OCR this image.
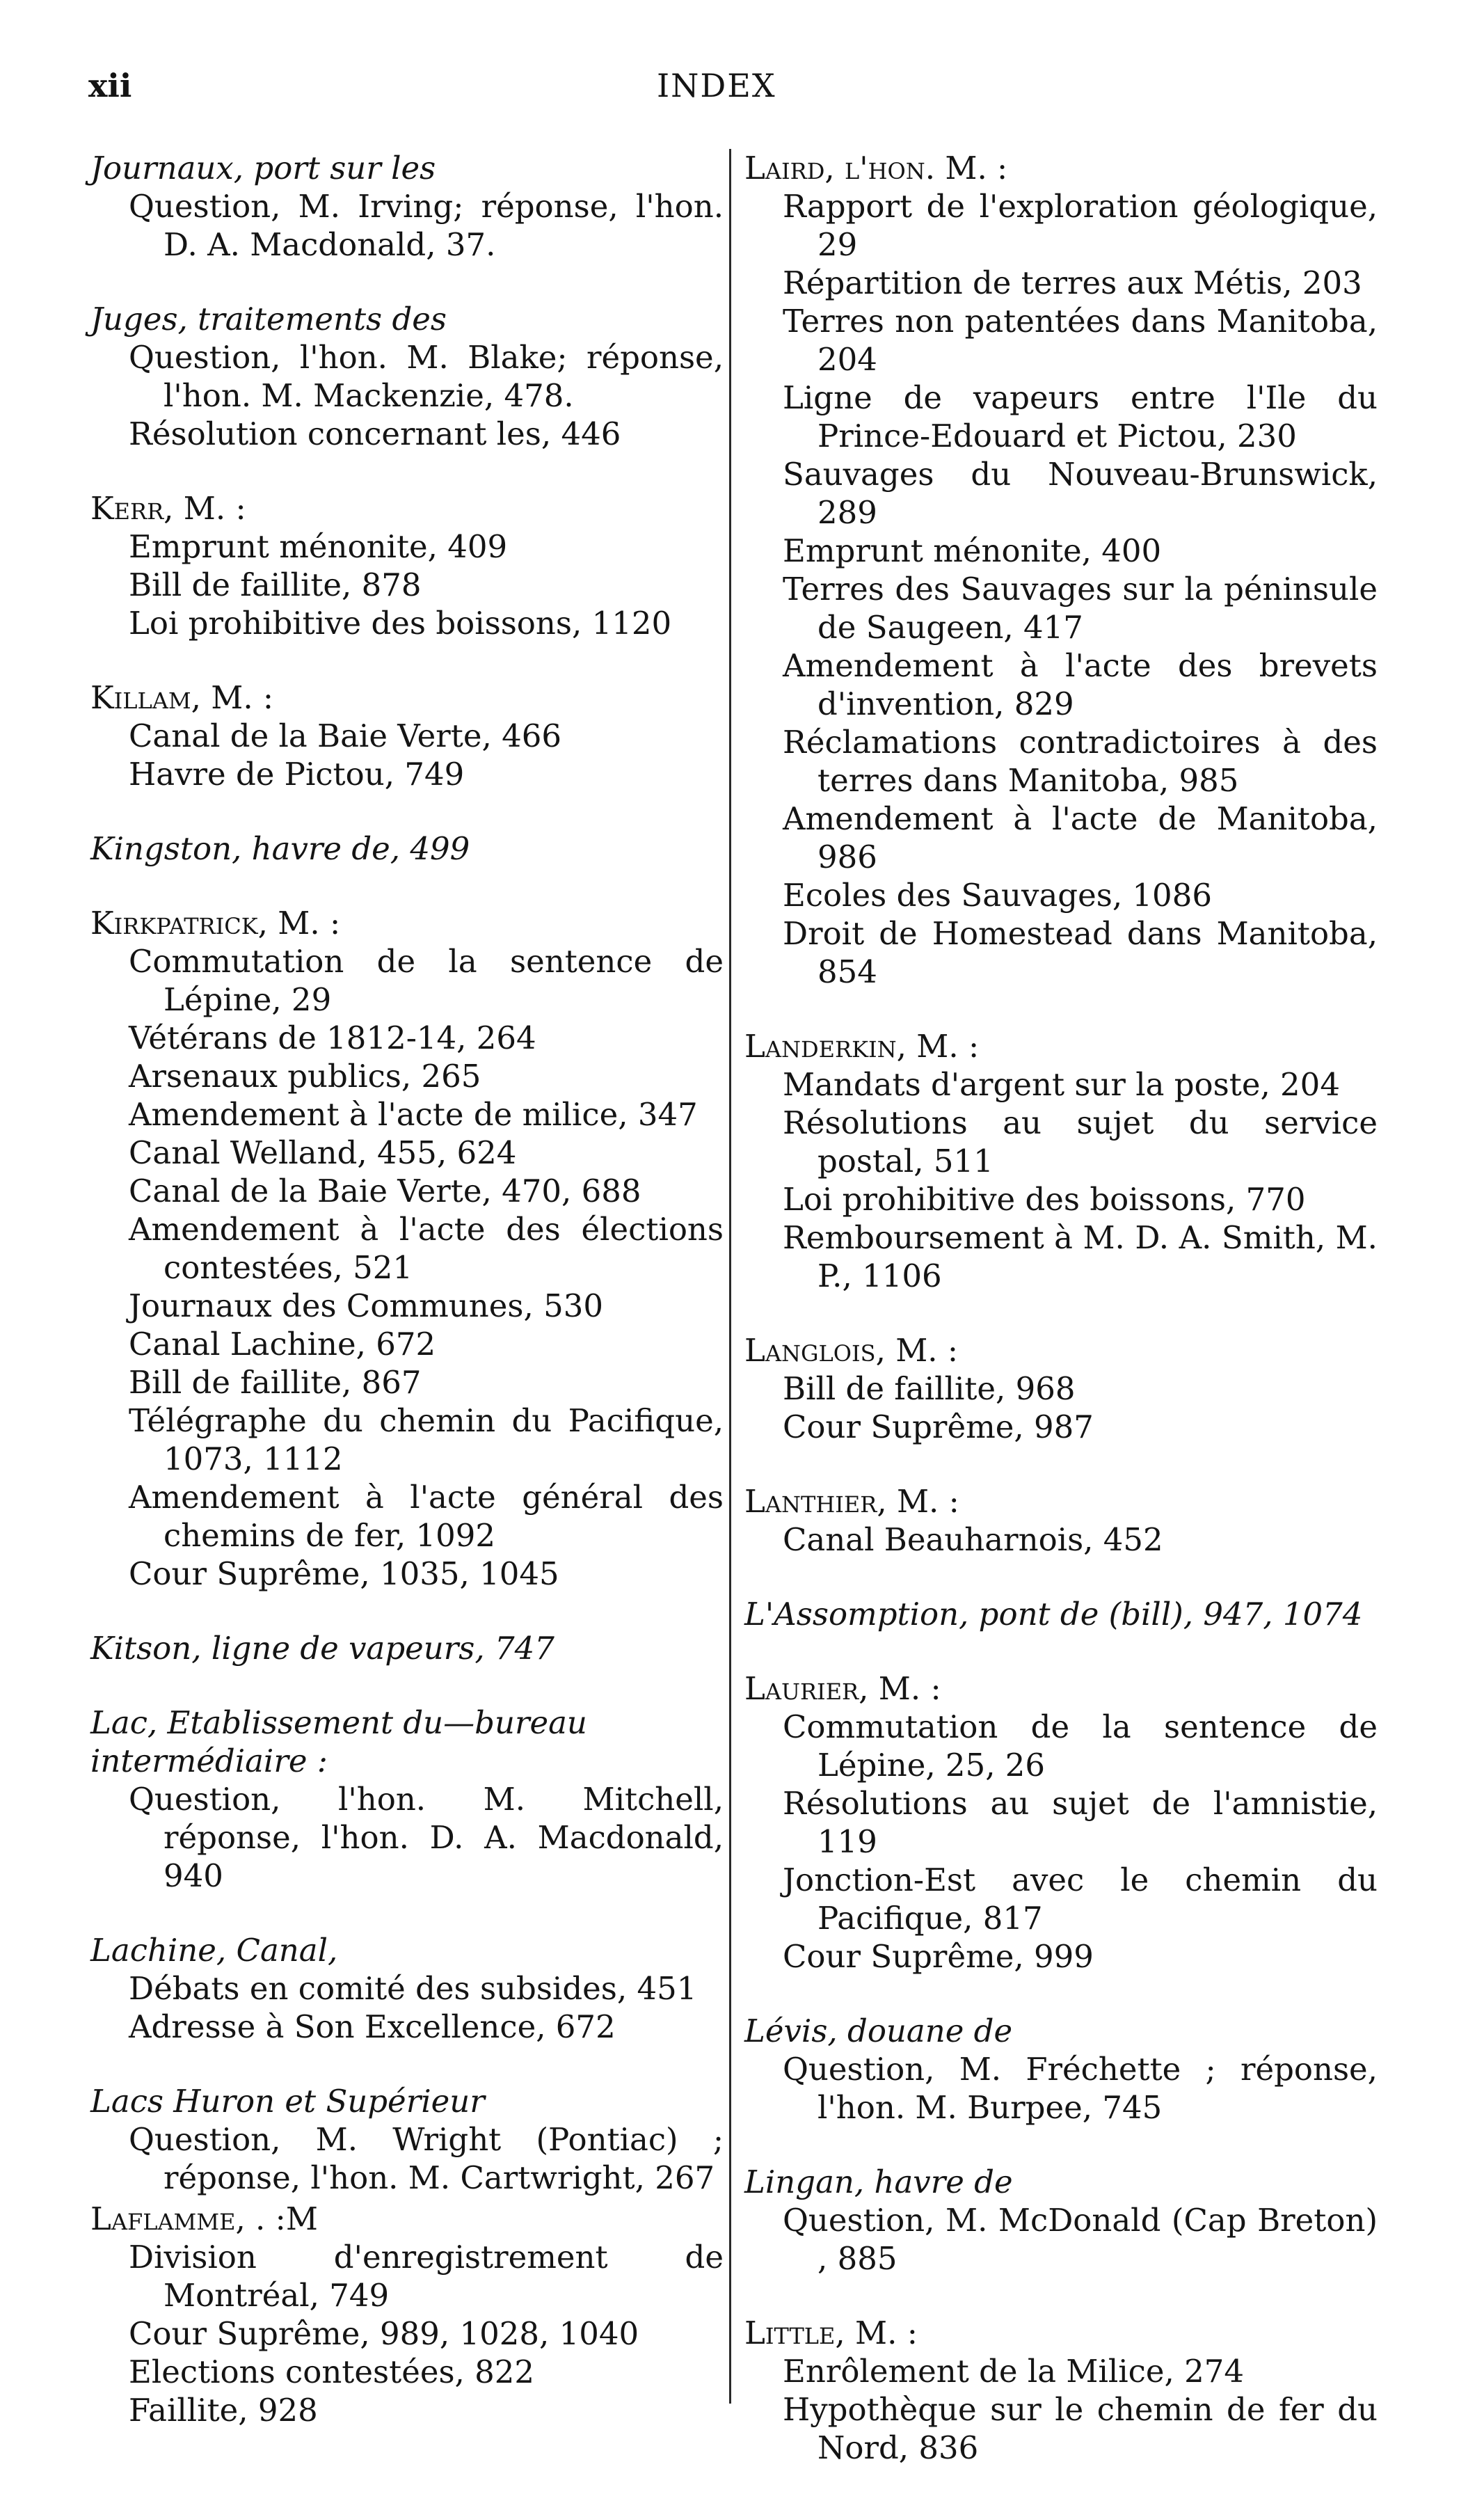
xii	INDEX
Journaux, port sur les
Question, M. Irving; réponse, l'hon. D. A. Macdonald, 37.
Juges, traitements des
Question, l'hon. M. Blake; réponse, l'hon. M. Mackenzie, 478.
Résolution concernant les, 446
Kerr, M. :
Emprunt ménonite, 409
Bill de faillite, 878
Loi prohibitive des boissons, 1120
Killam, M. :
Canal de la Baie Verte, 466
Havre de Pictou, 749
Kingston, havre de, 499
Kirkpatrick, M. :
Commutation de la sentence de Lépine, 29
Vétérans de 1812-14, 264
Arsenaux publics, 265
Amendement à l'acte de milice, 347
Canal Welland, 455, 624
Canal de la Baie Verte, 470, 688
Amendement à l'acte des élections contestées, 521
Journaux des Communes, 530
Canal Lachine, 672
Bill de faillite, 867
Télégraphe du chemin du Pacifique, 1073, 1112
Amendement à l'acte général des chemins de fer, 1092
Cour Suprême, 1035, 1045
Kitson, ligne de vapeurs, 747
Lac, Etablissement du—bureau intermédiaire :
Question, l'hon. M. Mitchell, réponse, l'hon. D. A. Macdonald, 940
Lachine, Canal,
Débats en comité des subsides, 451
Adresse à Son Excellence, 672
Lacs Huron et Supérieur
Question, M. Wright (Pontiac) ; réponse, l'hon. M. Cartwright, 267
Laflamme, . :M
Division d'enregistrement de Montréal, 749
Cour Suprême, 989, 1028, 1040
Elections contestées, 822
Faillite, 928
Laird, l'hon. M. :
Rapport de l'exploration géologique, 29
Répartition de terres aux Métis, 203
Terres non patentées dans Manitoba, 204
Ligne de vapeurs entre l'Ile du Prince-Edouard et Pictou, 230
Sauvages du Nouveau-Brunswick, 289
Emprunt ménonite, 400
Terres des Sauvages sur la péninsule de Saugeen, 417
Amendement à l'acte des brevets d'invention, 829
Réclamations contradictoires à des terres dans Manitoba, 985
Amendement à l'acte de Manitoba, 986
Ecoles des Sauvages, 1086
Droit de Homestead dans Manitoba, 854
Landerkin, M. :
Mandats d'argent sur la poste, 204
Résolutions au sujet du service postal, 511
Loi prohibitive des boissons, 770
Remboursement à M. D. A. Smith, M. P., 1106
Langlois, M. :
Bill de faillite, 968
Cour Suprême, 987
Lanthier, M. :
Canal Beauharnois, 452
L'Assomption, pont de (bill), 947, 1074
Laurier, M. :
Commutation de la sentence de Lépine, 25, 26
Résolutions au sujet de l'amnistie, 119
Jonction-Est avec le chemin du Pacifique, 817
Cour Suprême, 999
Lévis, douane de
Question, M. Fréchette ; réponse, l'hon. M. Burpee, 745
Lingan, havre de
Question, M. McDonald (Cap Breton) , 885
Little, M. :
Enrôlement de la Milice, 274
Hypothèque sur le chemin de fer du Nord, 836
